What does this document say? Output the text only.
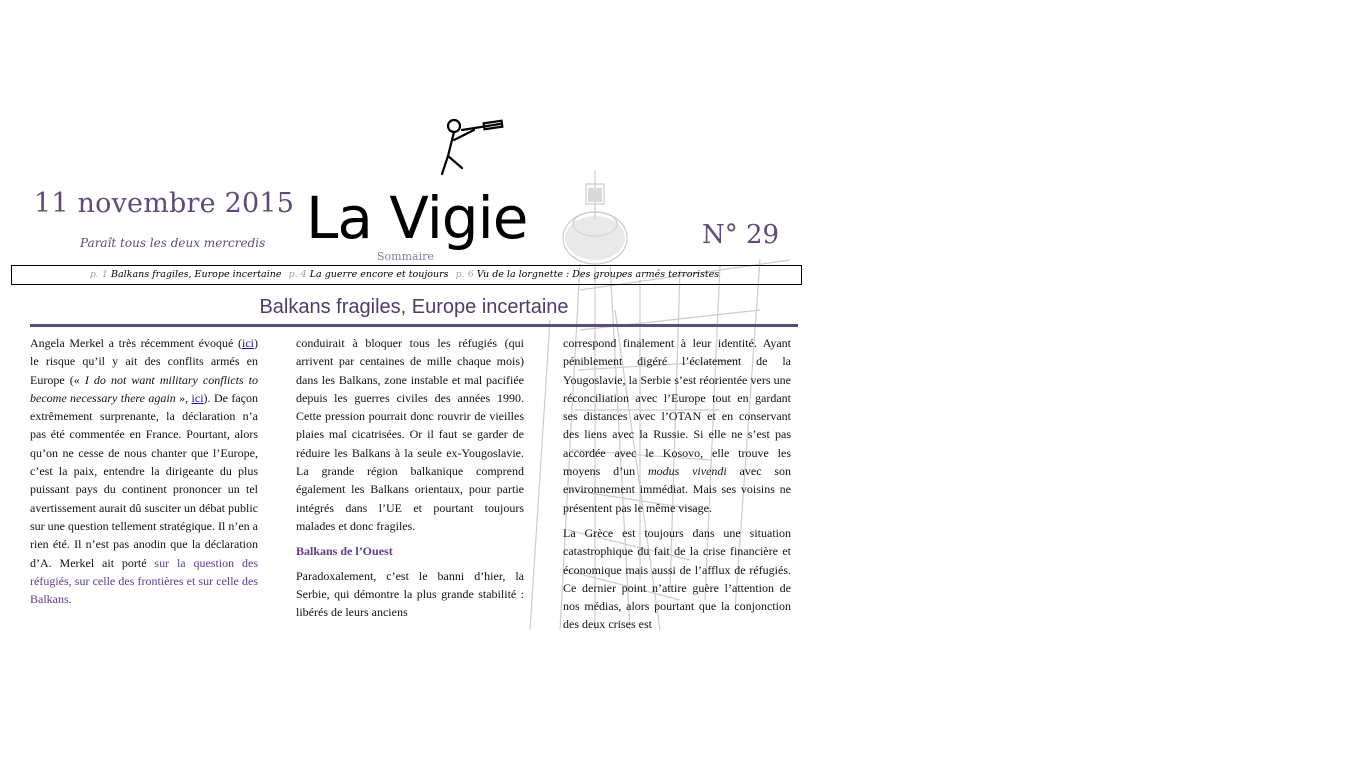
11 novembre 2015
Paraît tous les deux mercredis La Vigie	N° 29
Sommaire
p. 1 Balkans fragiles, Europe incertaine p. 4 La guerre encore et toujours p. 6 Vu de la lorgnette : Des groupes armés terroristes
Balkans fragiles, Europe incertaine

Angela Merkel a très récemment évoqué (ici) le risque qu’il y ait des conflits armés en Europe (« I do not want military conflicts to become necessary there again », ici). De façon extrêmement surprenante, la déclaration n’a pas été commentée en France. Pourtant, alors qu’on ne cesse de nous chanter que l’Europe, c’est la paix, entendre la dirigeante du plus puissant pays du continent prononcer un tel avertissement aurait dû susciter un débat public sur une question tellement stratégique. Il n’en a rien été. Il n’est pas anodin que la déclaration d’A. Merkel ait porté sur la question des réfugiés, sur celle des frontières et sur celle des Balkans.

conduirait à bloquer tous les réfugiés (qui arrivent par centaines de mille chaque mois) dans les Balkans, zone instable et mal pacifiée depuis les guerres civiles des années 1990. Cette pression pourrait donc rouvrir de vieilles plaies mal cicatrisées. Or il faut se garder de réduire les Balkans à la seule ex-Yougoslavie. La grande région balkanique comprend également les Balkans orientaux, pour partie intégrés dans l’UE et pourtant toujours malades et donc fragiles.

Balkans de l’Ouest

Paradoxalement, c’est le banni d’hier, la Serbie, qui démontre la plus grande stabilité : libérés de leurs anciens

correspond finalement à leur identité. Ayant péniblement digéré l’éclatement de la Yougoslavie, la Serbie s’est réorientée vers une réconciliation avec l’Europe tout en gardant ses distances avec l’OTAN et en conservant des liens avec la Russie. Si elle ne s’est pas accordée avec le Kosovo, elle trouve les moyens d’un modus vivendi avec son environnement immédiat. Mais ses voisins ne présentent pas le même visage.

La Grèce est toujours dans une situation catastrophique du fait de la crise financière et économique mais aussi de l’afflux de réfugiés. Ce dernier point n’attire guère l’attention de nos médias, alors pourtant que la conjonction des deux crises est
